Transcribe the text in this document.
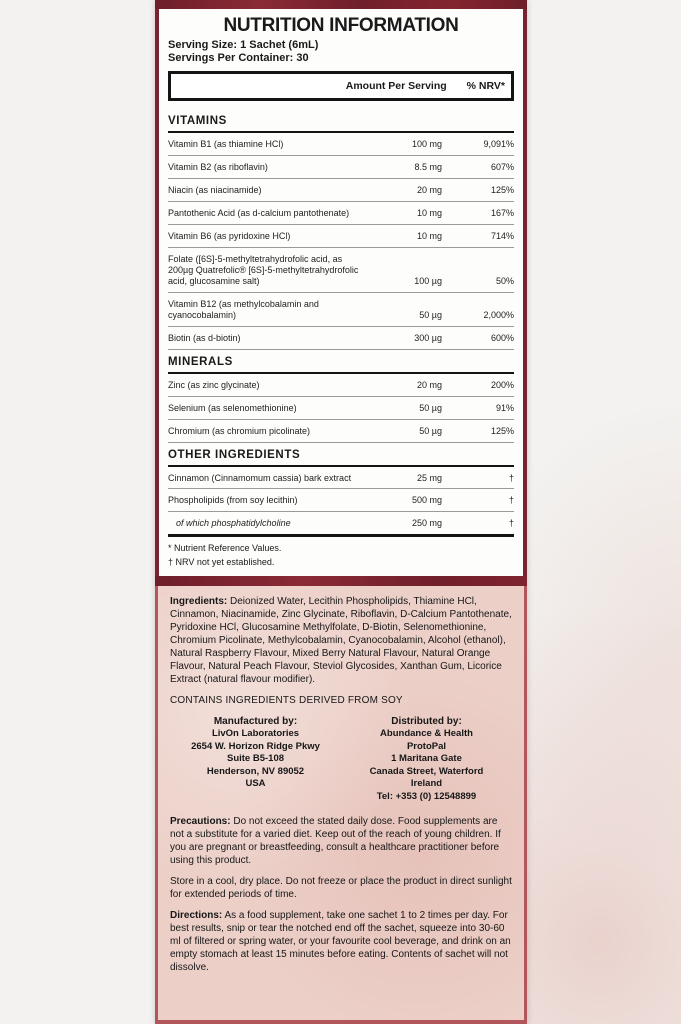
NUTRITION INFORMATION
Serving Size: 1 Sachet (6mL)
Servings Per Container: 30
Amount Per Serving % NRV*
VITAMINS
Vitamin B1 (as thiamine HCl)	100 mg	9,091%
Vitamin B2 (as riboflavin)	8.5 mg	607%
Niacin (as niacinamide)	20 mg	125%
Pantothenic Acid (as d-calcium pantothenate)	10 mg	167%
Vitamin B6 (as pyridoxine HCl)	10 mg	714%
Folate ([6S]-5-methyltetrahydrofolic acid, as 200µg Quatrefolic® [6S]-5-methyltetrahydrofolic acid, glucosamine salt)	100 µg	50%
Vitamin B12 (as methylcobalamin and cyanocobalamin)	50 µg	2,000%
Biotin (as d-biotin)	300 µg	600%
MINERALS
Zinc (as zinc glycinate)	20 mg	200%
Selenium (as selenomethionine)	50 µg	91%
Chromium (as chromium picolinate)	50 µg	125%
OTHER INGREDIENTS
Cinnamon (Cinnamomum cassia) bark extract	25 mg	†
Phospholipids (from soy lecithin)	500 mg	†
of which phosphatidylcholine	250 mg	†
* Nutrient Reference Values.
† NRV not yet established.

Ingredients: Deionized Water, Lecithin Phospholipids, Thiamine HCl, Cinnamon, Niacinamide, Zinc Glycinate, Riboflavin, D-Calcium Pantothenate, Pyridoxine HCl, Glucosamine Methylfolate, D-Biotin, Selenomethionine, Chromium Picolinate, Methylcobalamin, Cyanocobalamin, Alcohol (ethanol), Natural Raspberry Flavour, Mixed Berry Natural Flavour, Natural Orange Flavour, Natural Peach Flavour, Steviol Glycosides, Xanthan Gum, Licorice Extract (natural flavour modifier).

CONTAINS INGREDIENTS DERIVED FROM SOY

Manufactured by:
LivOn Laboratories
2654 W. Horizon Ridge Pkwy
Suite B5-108
Henderson, NV 89052
USA
Distributed by:
Abundance & Health
ProtoPal
1 Maritana Gate
Canada Street, Waterford
Ireland
Tel: +353 (0) 12548899

Precautions: Do not exceed the stated daily dose. Food supplements are not a substitute for a varied diet. Keep out of the reach of young children. If you are pregnant or breastfeeding, consult a healthcare practitioner before using this product.

Store in a cool, dry place. Do not freeze or place the product in direct sunlight for extended periods of time.

Directions: As a food supplement, take one sachet 1 to 2 times per day. For best results, snip or tear the notched end off the sachet, squeeze into 30-60 ml of filtered or spring water, or your favourite cool beverage, and drink on an empty stomach at least 15 minutes before eating. Contents of sachet will not dissolve.
